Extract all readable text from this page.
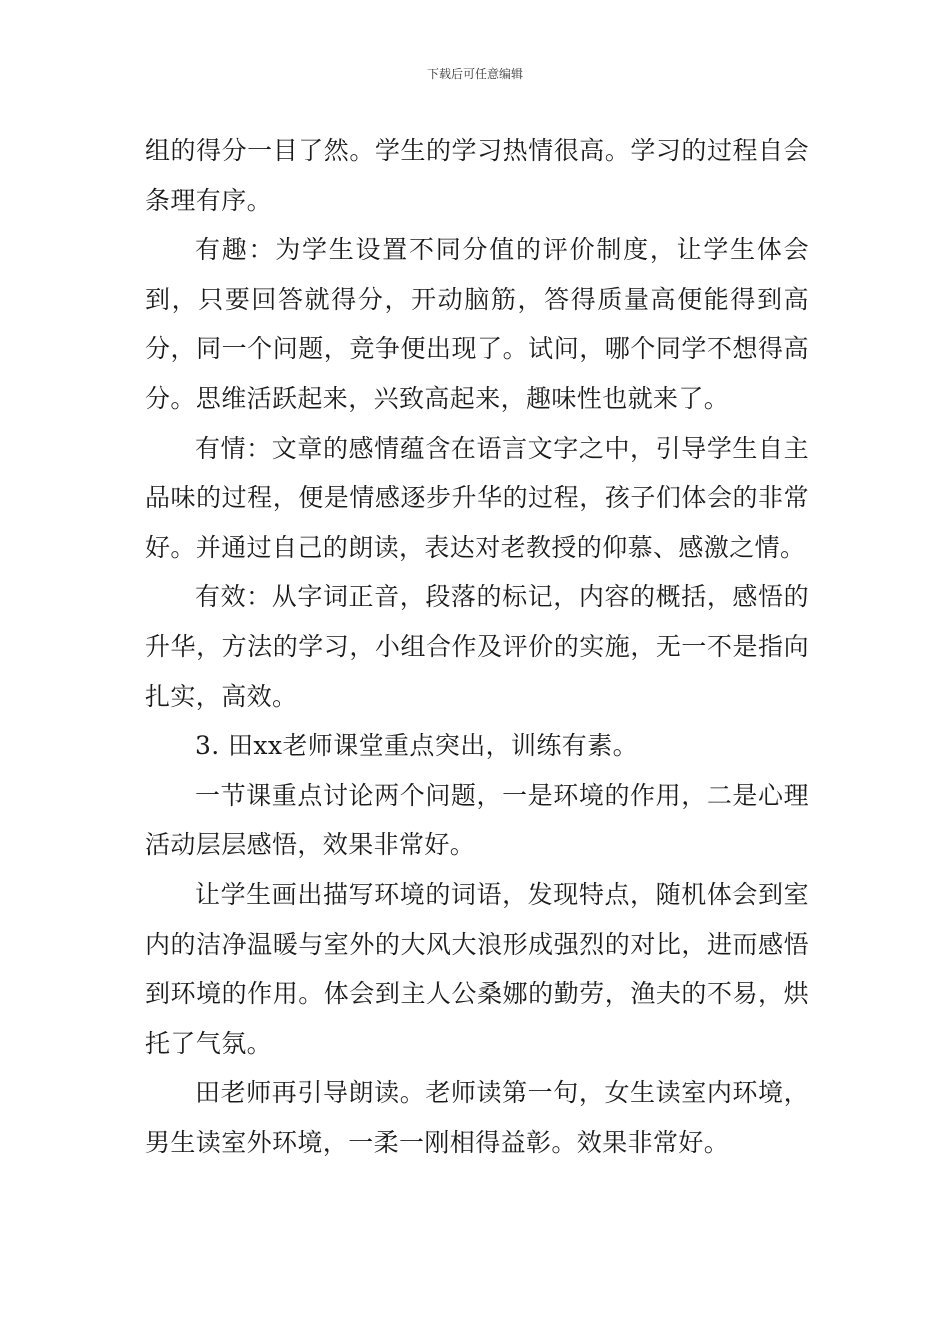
下载后可任意编辑

组的得分一目了然。学生的学习热情很高。学习的过程自会条理有序。

有趣：为学生设置不同分值的评价制度，让学生体会到，只要回答就得分，开动脑筋，答得质量高便能得到高分，同一个问题，竞争便出现了。试问，哪个同学不想得高分。思维活跃起来，兴致高起来，趣味性也就来了。

有情：文章的感情蕴含在语言文字之中，引导学生自主品味的过程，便是情感逐步升华的过程，孩子们体会的非常好。并通过自己的朗读，表达对老教授的仰慕、感激之情。

有效：从字词正音，段落的标记，内容的概括，感悟的升华，方法的学习，小组合作及评价的实施，无一不是指向扎实，高效。

3. 田xx老师课堂重点突出，训练有素。

一节课重点讨论两个问题，一是环境的作用，二是心理活动层层感悟，效果非常好。

让学生画出描写环境的词语，发现特点，随机体会到室内的洁净温暖与室外的大风大浪形成强烈的对比，进而感悟到环境的作用。体会到主人公桑娜的勤劳，渔夫的不易，烘托了气氛。

田老师再引导朗读。老师读第一句，女生读室内环境，男生读室外环境，一柔一刚相得益彰。效果非常好。
